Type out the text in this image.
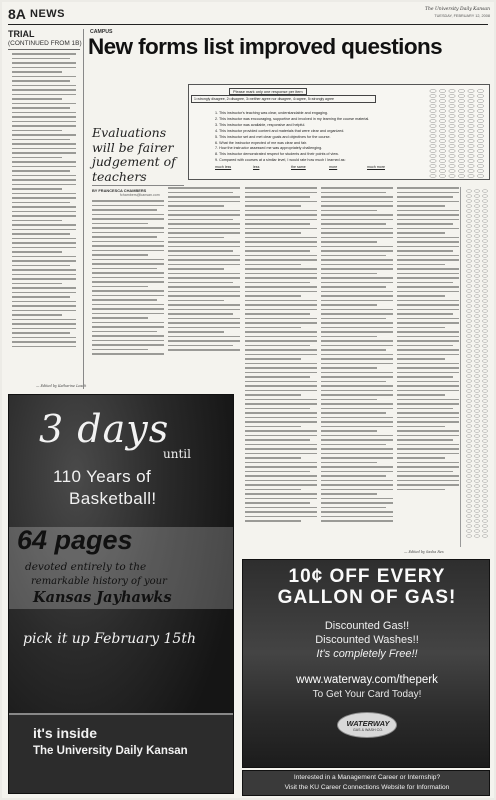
8A NEWS	The University Daily Kansan
TUESDAY, FEBRUARY 12, 2008
TRIAL
(CONTINUED FROM 1B)
— Edited by Katharine Leach
CAMPUS
New forms list improved questions
Please mark only one response per item
1=strongly disagree, 2=disagree, 3=neither agree nor disagree, 4=agree, 5=strongly agree
1. This instructor's teaching was clear, understandable and engaging.
2. This instructor was encouraging, supportive and involved in my learning the course material.
3. This instructor was available, responsive and helpful.
4. This instructor provided content and materials that were clear and organized.
5. This instructor set and met clear goals and objectives for the course.
6. What the instructor expected of me was clear and fair.
7. How the instructor assessed me was appropriately challenging.
8. This instructor demonstrated respect for students and their points of view.
9. Compared with courses at a similar level, I would rate how much I learned as:
much less	less	the same	more	much more
Evaluations will be fairer judgement of teachers
BY FRANCESCA CHAMBERS
fchambers@kansan.com
— Edited by Sasha Rex
3 days
until
110 Years of
Basketball!
64 pages
devoted entirely to the
remarkable history of your
Kansas Jayhawks
pick it up February 15th
it's inside
The University Daily Kansan
10¢ OFF EVERY
GALLON OF GAS!
Discounted Gas!!
Discounted Washes!!
It's completely Free!!
www.waterway.com/theperk
To Get Your Card Today!
WATERWAY
GAS & WASH CO.
Interested in a Management Career or Internship?
Visit the KU Career Connections Website for Information
